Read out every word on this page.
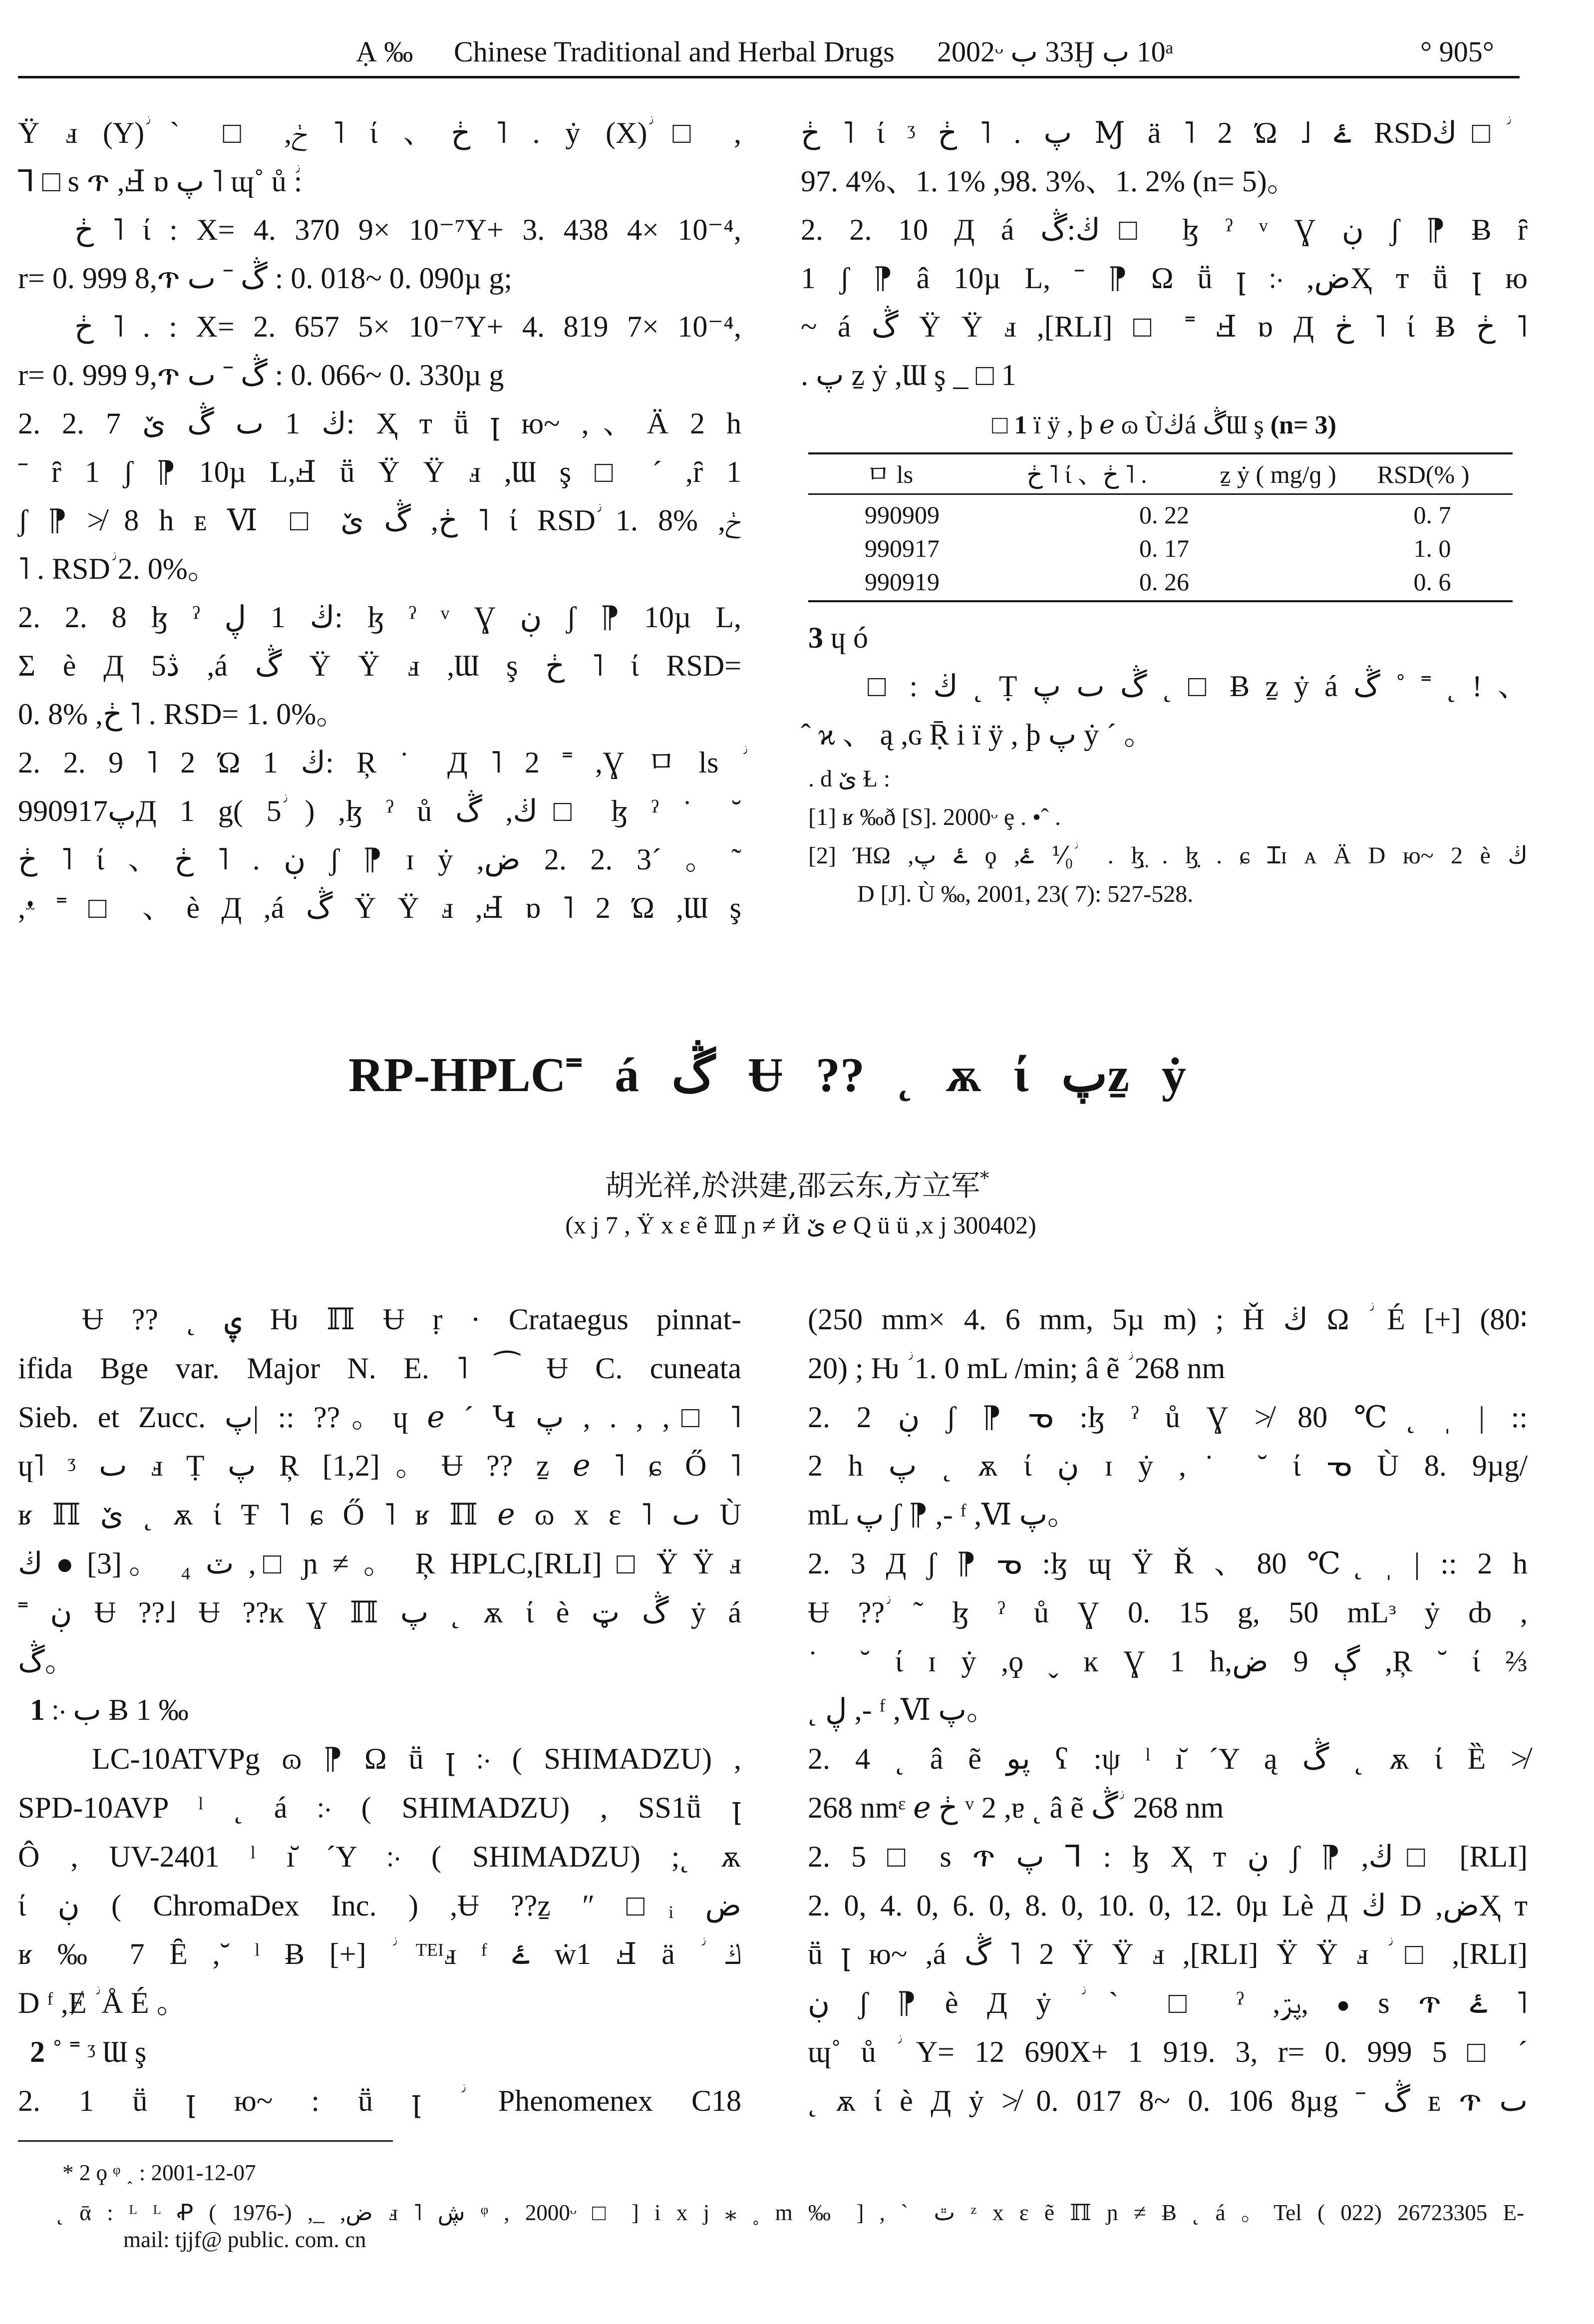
Ạ ‰ Chinese Traditional and Herbal Drugs 2002ᵕ ب 33Ӈ ب 10ᵃ	° 905°
Ÿ ⅎ (Y)ؗ ˋ □ ,ڂ ˥ ί 、ڂ ˥ . ẏ (X)ؗ □ ,
⅂ □ s ጥ ,Ⅎ ɒ پ ˥ ɰ˚ ů ؗ:
ڂ ˥ ί : X= 4. 370 9× 10⁻⁷Y+ 3. 438 4× 10⁻⁴,
r= 0. 999 8,ጥ ٮ ˉ ڴ : 0. 018~ 0. 090µ g;
ڂ ˥ . : X= 2. 657 5× 10⁻⁷Y+ 4. 819 7× 10⁻⁴,
r= 0. 999 9,ጥ ٮ ˉ ڴ : 0. 066~ 0. 330µ g
2. 2. 7 ێ ڴ ٮ 1 ڬ: Ҳ т ṻ ꞁ ю~ ,、Ä 2 h
ˉ ȓ 1 ʃ ⁋ 10µ L,Ⅎ ṻ Ÿ Ÿ ⅎ ,Ɯ ş □ ´ ,ȓ 1
ʃ ⁋ ≯ 8 h ᴇ Ⅵ □ ێ ڴ ,ڂ ˥ ί RSDؗ 1. 8% ,ڂ
˥ . RSDؗ 2. 0%。
2. 2. 8 ɮ ˀ ڸ 1 ڬ: ɮ ˀ ᵛ Ɣ ڹ ʃ ⁋ 10µ L,
Σ è Д 5ڎ ,á ڴ Ÿ Ÿ ⅎ ,Ɯ ş ڂ ˥ ί RSD=
0. 8% ,ڂ ˥ . RSD= 1. 0%。
2. 2. 9 ˥ 2 Ώ 1 ڬ: Ŗ ˙ Д ˥ 2 ˭ ,Ɣ ㅁ ls ؗ
990917پД 1 g( 5ؗ ) ,ɮ ˀ ů ڴ ,ڬ□ ɮ ˀ ˙ ˘
ڂ ˥ ί 、ڂ ˥ . ڹ ʃ ⁋ ɪ ẏ ,ض 2. 2. 3´ 。˜
,ᵜ ˭ □ 、è Д ,á ڴ Ÿ Ÿ ⅎ ,Ⅎ ɒ ˥ 2 Ώ ,Ɯ ş
ڂ ˥ ί ᶾ ڂ ˥ . پ Ɱ ä ˥ 2 Ώ ˩ ۓ RSDڬ□ ؗ
97. 4%、1. 1% ,98. 3%、1. 2% (n= 5)。
2. 2. 10 Д á ڴ:ڬ□ ɮ ˀ ᵛ Ɣ ڹ ʃ ⁋ Ƀ ȓ
1 ʃ ⁋ â 10µ L, ˉ ⁋ Ω ṻ ꞁ ჻ ,ضҲ т ṻ ꞁ ю
~ á ڴ Ÿ Ÿ ⅎ ,[RLI] □ ˭ Ⅎ ɒ Д ڂ ˥ ί Ƀ ڂ ˥
. پ ẕ ẏ ,Ɯ ş _ □ 1
□ 1 ï ÿ , þ ℯ ɷ Ùڬá ڴƜ ş (n= 3)
ㅁ ls	ڂ ˥ ί 、ڂ ˥ .	ẕ ẏ ( mg/ɡ ) RSD(% )
990909	0. 22	0. 7
990917	0. 17	1. 0
990919	0. 26	0. 6
3 ɥ ó
□ : ڬ ˛ Ṭ پ ٮ ڴ ˛ □ Ƀ ẕ ẏ á ڴ ˚ ˭ ˛ ! 、
ˆ ϰ 、 ą ,ɢ Ṝ і ï ÿ , þ پ ẏ ´ 。
. d ێ Ɫ :
[1] ʁ ‰ð [S]. 2000ᵕ ȩ . •ˆ .
[2] ΉΩ ,پ ۓ ϙ ,ۓ ⅟₀ ؗ . ɮ̤ . ɮ̣ . ɕ Ɪɪ ᴀ Ä D ю~ 2 è ڬ
D [J]. Ù ‰, 2001, 23( 7): 527-528.
RP-HPLC˭ á ڴ Ʉ ?? ˛ ѫ ί پẕ ẏ
胡光祥,於洪建,邵云东,方立军*
(x j 7 , Ÿ x ɛ ẽ ℿ ɲ ≠ Ӥ ێ ℯ Q ü ü ,x j 300402)
Ʉ ?? ˛ ۑ Ƕ ℿ Ʉ ṛ · Crataegus pinnat-
ifida Bge var. Major N. E. ˥ ⁀ Ʉ C. cuneata
Sieb. et Zucc. پ| :: ??。ɥ ℯ ´ Կ پ , . , ,□ ˥
ɥ˥ ᶾ ٮ ⅎ Ṭ پ Ŗ [1,2]。Ʉ ?? ẕ ℯ ˥ ɕ Ő ˥
ʁ ℿ ێ ˛ ѫ ί Ŧ ˥ ɕ Ő ˥ ʁ ℿ ℯ ɷ x ɛ ˥ ٮ Ù
ڬ ⦁ [3]。 ₄ ٽ ,□ ɲ ≠ 。 Ŗ HPLC,[RLI] □ Ÿ Ÿ ⅎ
˭ ڹ Ʉ ??˩ Ʉ ??ĸ Ɣ ℿ پ ˛ ѫ ί è ټ ڴ ẏ á
ڴ。
1 ჻ ب Ƀ 1 ‰
LC-10ATVPg ɷ ⁋ Ω ṻ ꞁ ჻ ( SHIMADZU) ,
SPD-10AVP ˡ ˛ á ჻ ( SHIMADZU) , SS1ṻ ꞁ
Ô , UV-2401 ˡ ı̆ ´Y ჻ ( SHIMADZU) ;˛ ѫ
ί ڹ ( ChromaDex Inc. ) ,Ʉ ??ẕ ″ □ᵢ ض
ʁ ‰ 7 Ȇ ,˘ ˡ Ƀ [+] ؗ ᵀᴱᴵⅎ ᶠ ۓ ẇ1 Ⅎ ä ؗ ڬ
D ᶠ ,Ɇ ؗ Å É 。
2 ˚ ˭ ᶾ Ɯ ş
2. 1 ṻ ꞁ ю~ : ṻ ꞁ ؗ Phenomenex C18
(250 mm× 4. 6 mm, 5µ m) ; Ȟ ڬ Ω ؗ É [+] (80∶
20) ; Ƕ ؗ 1. 0 mL /min; â ẽ ؗ 268 nm
2. 2 ڹ ʃ ⁋ ᓀ :ɮ ˀ ů Ɣ ≯ 80 ℃˛ ˌ | ::
2 h پ ˛ ѫ ί ڹ ɪ ẏ ,˙ ˘ ί ᓀ Ù 8. 9µg/
mL پ ʃ ⁋ ,- ᶠ ,Ⅵ پ。
2. 3 Д ʃ ⁋ ᓀ :ɮ ɰ Ÿ Ř 、80 ℃˛ ˌ | :: 2 h
Ʉ ??ؗ ˜ ɮ ˀ ů Ɣ 0. 15 g, 50 mLᵌ ẏ ȸ ,
˙ ˘ ί ɪ ẏ ,ϙ ˬ ĸ Ɣ 1 h,ض 9 ڳ ,Ŗ ˘ ί ⅔
˛ ڸ ,- ᶠ ,Ⅵ پ。
2. 4 ˛ â ẽ وپ ʕ :ψ ˡ ı̆ ´Y ą ڴ ˛ ѫ ί Ȅ ≯
268 nmᵋ ℯ ڂ ᵛ 2 ,ɐ ˛ â ẽ ڴ ؗ 268 nm
2. 5 □ s ጥ پ ⅂ : ɮ Ҳ т ڹ ʃ ⁋ ,ڬ□ [RLI]
2. 0, 4. 0, 6. 0, 8. 0, 10. 0, 12. 0µ Lè Д ڬ D ,ضҲ т
ṻ ꞁ ю~ ,á ڴ ˥ 2 Ÿ Ÿ ⅎ ,[RLI] Ÿ Ÿ ⅎ ؗ □ ,[RLI]
ڹ ʃ ⁋ è Д ẏ ؗ ˋ □ ˀ ,ڗپ, ⦁ s ጥ ۓ ˥
ɰ˚ ů ؗ Y= 12 690X+ 1 919. 3, r= 0. 999 5 □ ´
˛ ѫ ί è Д ẏ ≯ 0. 017 8~ 0. 106 8µg ˉ ڴ ᴇ ጥ ٮ
* 2 ϙ ᵠ ˰ : 2001-12-07
˛ ᾱ : ᴸ ᴸ Ꝓ ( 1976-) ,_ ,ض ⅎ ˥ ڜ ᵠ , 2000ᵕ □ ] і x j ⁎ ˳ m ‰ ] , ˋ ٿ ᶻ x ɛ ẽ ℿ ɲ ≠ Ƀ ˛ á 。Tel ( 022) 26723305 E-
mail: tjjf@ public. com. cn
